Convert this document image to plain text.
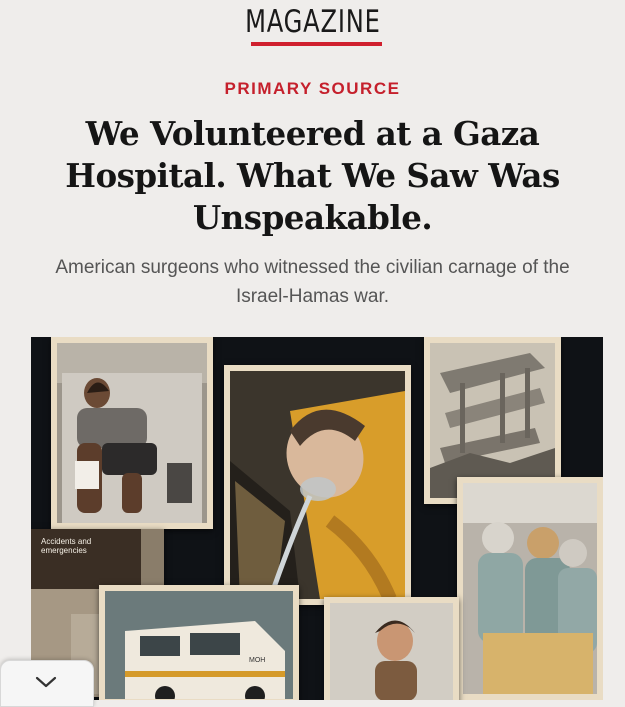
MAGAZINE
PRIMARY SOURCE
We Volunteered at a Gaza Hospital. What We Saw Was Unspeakable.
American surgeons who witnessed the civilian carnage of the Israel-Hamas war.
Accidents and emergencies
MOH
